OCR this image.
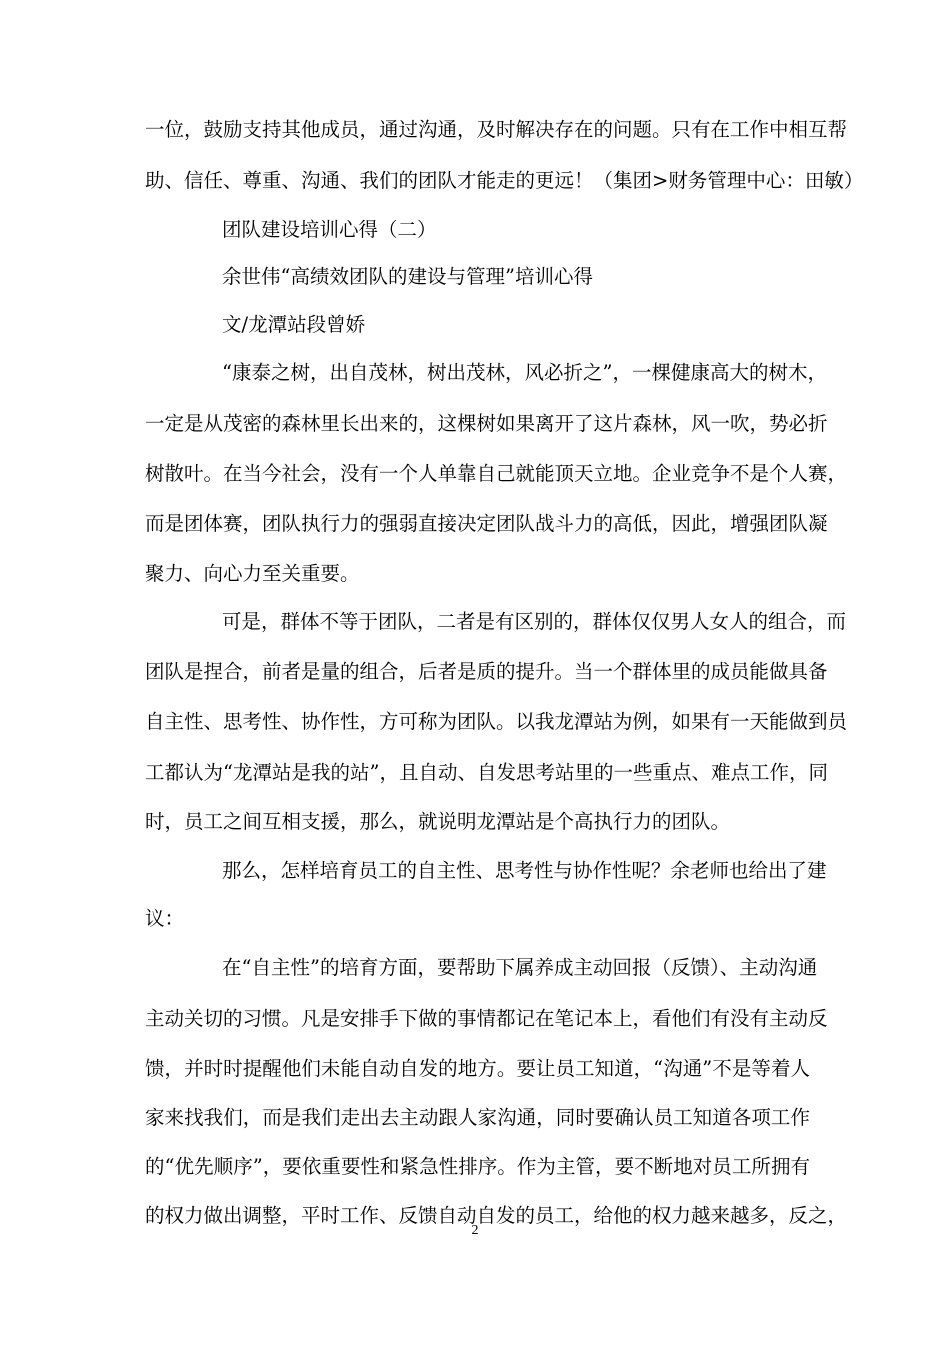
一位，鼓励支持其他成员，通过沟通，及时解决存在的问题。只有在工作中相互帮
助、信任、尊重、沟通、我们的团队才能走的更远！（集团>财务管理中心：田敏）
团队建设培训心得（二）
余世伟“高绩效团队的建设与管理”培训心得
文/龙潭站段曾娇
“康泰之树，出自茂林，树出茂林，风必折之”，一棵健康高大的树木，
一定是从茂密的森林里长出来的，这棵树如果离开了这片森林，风一吹，势必折
树散叶。在当今社会，没有一个人单靠自己就能顶天立地。企业竞争不是个人赛，
而是团体赛，团队执行力的强弱直接决定团队战斗力的高低，因此，增强团队凝
聚力、向心力至关重要。
可是，群体不等于团队，二者是有区别的，群体仅仅男人女人的组合，而
团队是捏合，前者是量的组合，后者是质的提升。当一个群体里的成员能做具备
自主性、思考性、协作性，方可称为团队。以我龙潭站为例，如果有一天能做到员
工都认为“龙潭站是我的站”，且自动、自发思考站里的一些重点、难点工作，同
时，员工之间互相支援，那么，就说明龙潭站是个高执行力的团队。
那么，怎样培育员工的自主性、思考性与协作性呢？余老师也给出了建
议：
在“自主性”的培育方面，要帮助下属养成主动回报（反馈）、主动沟通
主动关切的习惯。凡是安排手下做的事情都记在笔记本上，看他们有没有主动反
馈，并时时提醒他们未能自动自发的地方。要让员工知道，“沟通”不是等着人
家来找我们，而是我们走出去主动跟人家沟通，同时要确认员工知道各项工作
的“优先顺序”，要依重要性和紧急性排序。作为主管，要不断地对员工所拥有
的权力做出调整，平时工作、反馈自动自发的员工，给他的权力越来越多，反之，
2
